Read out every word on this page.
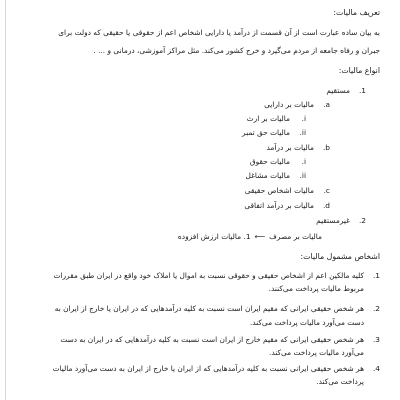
تعریف مالیات:
به بیان ساده عبارت است از آن قسمت از درآمد یا دارایی اشخاص اعم از حقوقی یا حقیقی که دولت برای
جبران و رفاه جامعه از مردم می‌گیرد و خرج کشور می‌کند. مثل مراکز آموزشی، درمانی و ... .
انواع مالیات:
1.مستقیم
a.مالیات بر دارایی
i.مالیات بر ارث
ii.مالیات حق تمبر
b.مالیات بر درآمد
i.مالیات حقوق
ii.مالیات مشاغل
c.مالیات اشخاص حقیقی
d.مالیات بر درآمد اتفاقی
2.غیرمستقیم
مالیات بر مصرف⟵1. مالیات ارزش افزوده
اشخاص مشمول مالیات:
1.کلیه مالکین اعم از اشخاص حقیقی و حقوقی نسبت به اموال یا املاک خود واقع در ایران طبق مقررات
مربوط مالیات پرداخت می‌کنند.
2.هر شخص حقیقی ایرانی که مقیم ایران است نسبت به کلیه درآمدهایی که در ایران یا خارج از ایران به
دست می‌آورد مالیات پرداخت می‌کند.
3.هر شخص حقیقی ایرانی که مقیم خارج از ایران است نسبت به کلیه درآمدهایی که در ایران به دست
می‌آورد مالیات پرداخت می‌کند.
4.هر شخص حقیقی ایرانی نسبت به کلیه درآمدهایی که از ایران یا خارج از ایران به دست می‌آورد مالیات
پرداخت می‌کند.
